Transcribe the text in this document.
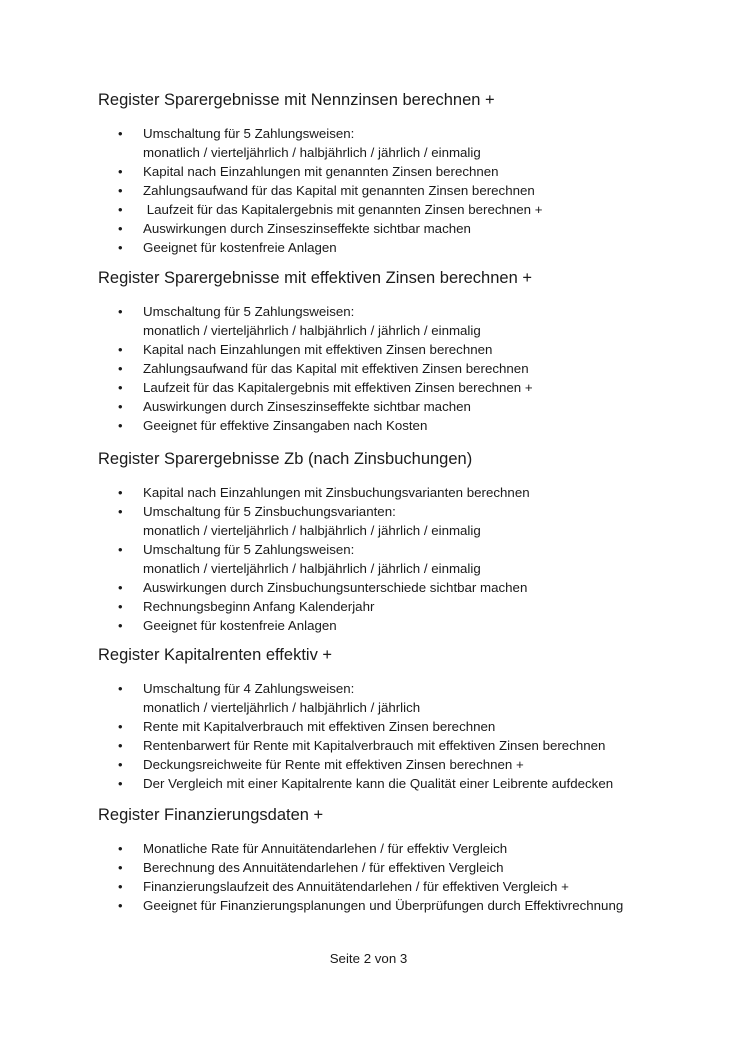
Register Sparergebnisse mit Nennzinsen berechnen +
• Umschaltung für 5 Zahlungsweisen:
monatlich / vierteljährlich / halbjährlich / jährlich / einmalig
• Kapital nach Einzahlungen mit genannten Zinsen berechnen
• Zahlungsaufwand für das Kapital mit genannten Zinsen berechnen
• Laufzeit für das Kapitalergebnis mit genannten Zinsen berechnen +
• Auswirkungen durch Zinseszinseffekte sichtbar machen
• Geeignet für kostenfreie Anlagen
Register Sparergebnisse mit effektiven Zinsen berechnen +
• Umschaltung für 5 Zahlungsweisen:
monatlich / vierteljährlich / halbjährlich / jährlich / einmalig
• Kapital nach Einzahlungen mit effektiven Zinsen berechnen
• Zahlungsaufwand für das Kapital mit effektiven Zinsen berechnen
• Laufzeit für das Kapitalergebnis mit effektiven Zinsen berechnen +
• Auswirkungen durch Zinseszinseffekte sichtbar machen
• Geeignet für effektive Zinsangaben nach Kosten
Register Sparergebnisse Zb (nach Zinsbuchungen)
• Kapital nach Einzahlungen mit Zinsbuchungsvarianten berechnen
• Umschaltung für 5 Zinsbuchungsvarianten:
monatlich / vierteljährlich / halbjährlich / jährlich / einmalig
• Umschaltung für 5 Zahlungsweisen:
monatlich / vierteljährlich / halbjährlich / jährlich / einmalig
• Auswirkungen durch Zinsbuchungsunterschiede sichtbar machen
• Rechnungsbeginn Anfang Kalenderjahr
• Geeignet für kostenfreie Anlagen
Register Kapitalrenten effektiv +
• Umschaltung für 4 Zahlungsweisen:
monatlich / vierteljährlich / halbjährlich / jährlich
• Rente mit Kapitalverbrauch mit effektiven Zinsen berechnen
• Rentenbarwert für Rente mit Kapitalverbrauch mit effektiven Zinsen berechnen
• Deckungsreichweite für Rente mit effektiven Zinsen berechnen +
• Der Vergleich mit einer Kapitalrente kann die Qualität einer Leibrente aufdecken
Register Finanzierungsdaten +
• Monatliche Rate für Annuitätendarlehen / für effektiv Vergleich
• Berechnung des Annuitätendarlehen / für effektiven Vergleich
• Finanzierungslaufzeit des Annuitätendarlehen / für effektiven Vergleich +
• Geeignet für Finanzierungsplanungen und Überprüfungen durch Effektivrechnung
Seite 2 von 3
